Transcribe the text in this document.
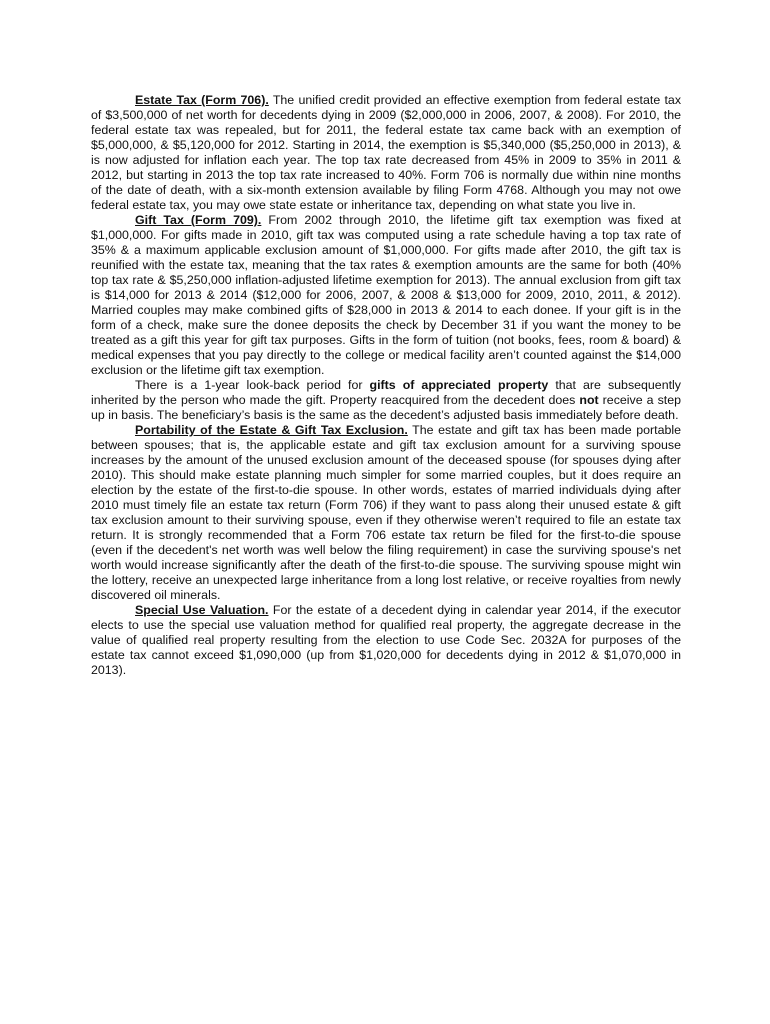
Estate Tax (Form 706). The unified credit provided an effective exemption from federal estate tax of $3,500,000 of net worth for decedents dying in 2009 ($2,000,000 in 2006, 2007, & 2008). For 2010, the federal estate tax was repealed, but for 2011, the federal estate tax came back with an exemption of $5,000,000, & $5,120,000 for 2012. Starting in 2014, the exemption is $5,340,000 ($5,250,000 in 2013), & is now adjusted for inflation each year. The top tax rate decreased from 45% in 2009 to 35% in 2011 & 2012, but starting in 2013 the top tax rate increased to 40%. Form 706 is normally due within nine months of the date of death, with a six-month extension available by filing Form 4768. Although you may not owe federal estate tax, you may owe state estate or inheritance tax, depending on what state you live in.

Gift Tax (Form 709). From 2002 through 2010, the lifetime gift tax exemption was fixed at $1,000,000. For gifts made in 2010, gift tax was computed using a rate schedule having a top tax rate of 35% & a maximum applicable exclusion amount of $1,000,000. For gifts made after 2010, the gift tax is reunified with the estate tax, meaning that the tax rates & exemption amounts are the same for both (40% top tax rate & $5,250,000 inflation-adjusted lifetime exemption for 2013). The annual exclusion from gift tax is $14,000 for 2013 & 2014 ($12,000 for 2006, 2007, & 2008 & $13,000 for 2009, 2010, 2011, & 2012). Married couples may make combined gifts of $28,000 in 2013 & 2014 to each donee. If your gift is in the form of a check, make sure the donee deposits the check by December 31 if you want the money to be treated as a gift this year for gift tax purposes. Gifts in the form of tuition (not books, fees, room & board) & medical expenses that you pay directly to the college or medical facility aren’t counted against the $14,000 exclusion or the lifetime gift tax exemption.

There is a 1-year look-back period for gifts of appreciated property that are subsequently inherited by the person who made the gift. Property reacquired from the decedent does not receive a step up in basis. The beneficiary’s basis is the same as the decedent’s adjusted basis immediately before death.

Portability of the Estate & Gift Tax Exclusion. The estate and gift tax has been made portable between spouses; that is, the applicable estate and gift tax exclusion amount for a surviving spouse increases by the amount of the unused exclusion amount of the deceased spouse (for spouses dying after 2010). This should make estate planning much simpler for some married couples, but it does require an election by the estate of the first-to-die spouse. In other words, estates of married individuals dying after 2010 must timely file an estate tax return (Form 706) if they want to pass along their unused estate & gift tax exclusion amount to their surviving spouse, even if they otherwise weren’t required to file an estate tax return. It is strongly recommended that a Form 706 estate tax return be filed for the first-to-die spouse (even if the decedent's net worth was well below the filing requirement) in case the surviving spouse's net worth would increase significantly after the death of the first-to-die spouse. The surviving spouse might win the lottery, receive an unexpected large inheritance from a long lost relative, or receive royalties from newly discovered oil minerals.

Special Use Valuation. For the estate of a decedent dying in calendar year 2014, if the executor elects to use the special use valuation method for qualified real property, the aggregate decrease in the value of qualified real property resulting from the election to use Code Sec. 2032A for purposes of the estate tax cannot exceed $1,090,000 (up from $1,020,000 for decedents dying in 2012 & $1,070,000 in 2013).
